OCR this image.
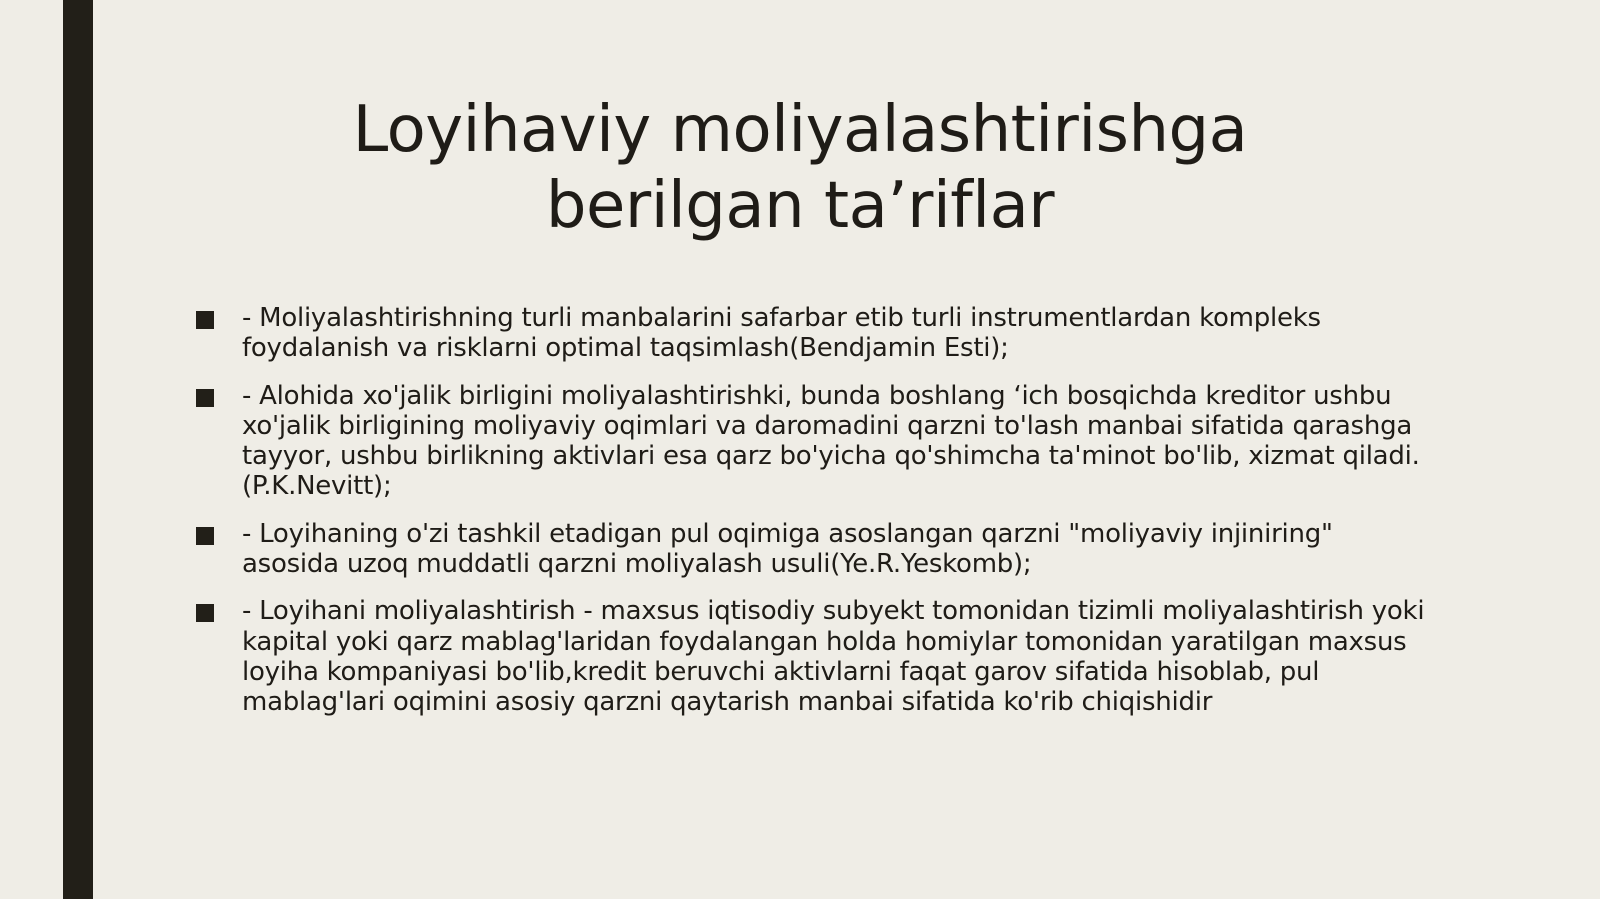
Loyihaviy moliyalashtirishga
berilgan ta’riflar
- Moliyalashtirishning turli manbalarini safarbar etib turli instrumentlardan kompleks foydalanish va risklarni optimal taqsimlash(Bendjamin Esti);
- Alohida xo'jalik birligini moliyalashtirishki, bunda boshlang ‘ich bosqichda kreditor ushbu xo'jalik birligining moliyaviy oqimlari va daromadini qarzni to'lash manbai sifatida qarashga tayyor, ushbu birlikning aktivlari esa qarz bo'yicha qo'shimcha ta'minot bo'lib, xizmat qiladi.(P.K.Nevitt);
- Loyihaning o'zi tashkil etadigan pul oqimiga asoslangan qarzni "moliyaviy injiniring" asosida uzoq muddatli qarzni moliyalash usuli(Ye.R.Yeskomb);
- Loyihani moliyalashtirish - maxsus iqtisodiy subyekt tomonidan tizimli moliyalashtirish yoki kapital yoki qarz mablag'laridan foydalangan holda homiylar tomonidan yaratilgan maxsus loyiha kompaniyasi bo'lib,kredit beruvchi aktivlarni faqat garov sifatida hisoblab, pul mablag'lari oqimini asosiy qarzni qaytarish manbai sifatida ko'rib chiqishidir
